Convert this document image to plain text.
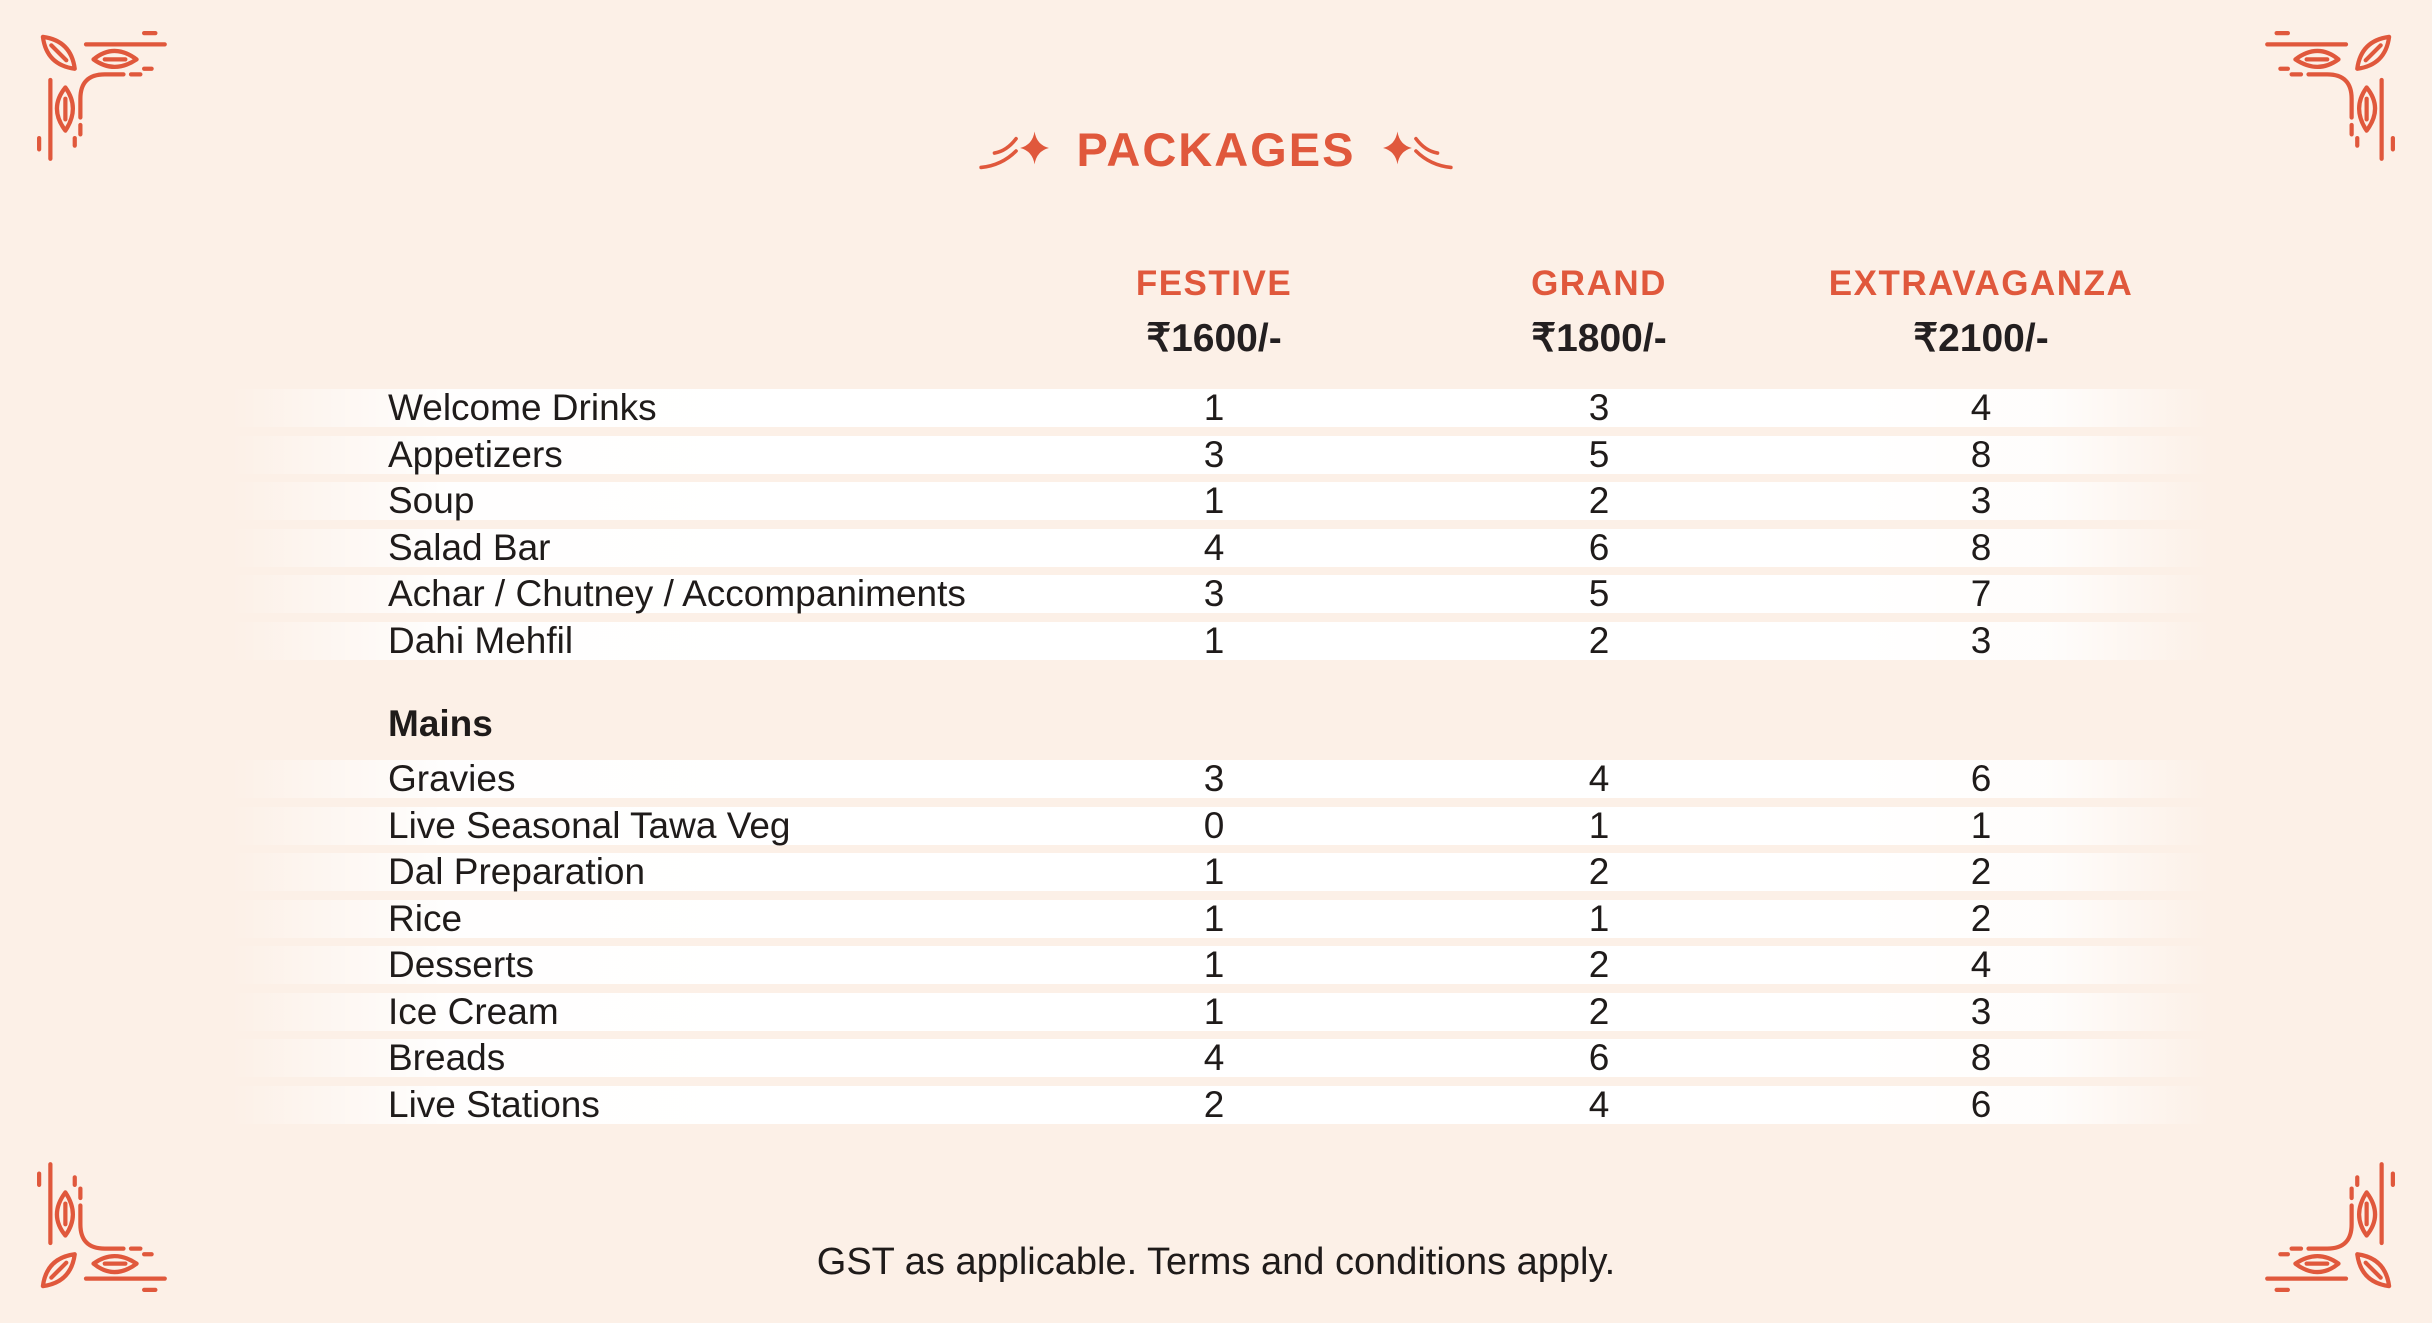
PACKAGES
FESTIVE
₹1600/-
GRAND
₹1800/-
EXTRAVAGANZA
₹2100/-
Welcome Drinks	1	3	4
Appetizers	3	5	8
Soup	1	2	3
Salad Bar	4	6	8
Achar / Chutney / Accompaniments	3	5	7
Dahi Mehfil	1	2	3
Mains
Gravies	3	4	6
Live Seasonal Tawa Veg	0	1	1
Dal Preparation	1	2	2
Rice	1	1	2
Desserts	1	2	4
Ice Cream	1	2	3
Breads	4	6	8
Live Stations	2	4	6
GST as applicable. Terms and conditions apply.
